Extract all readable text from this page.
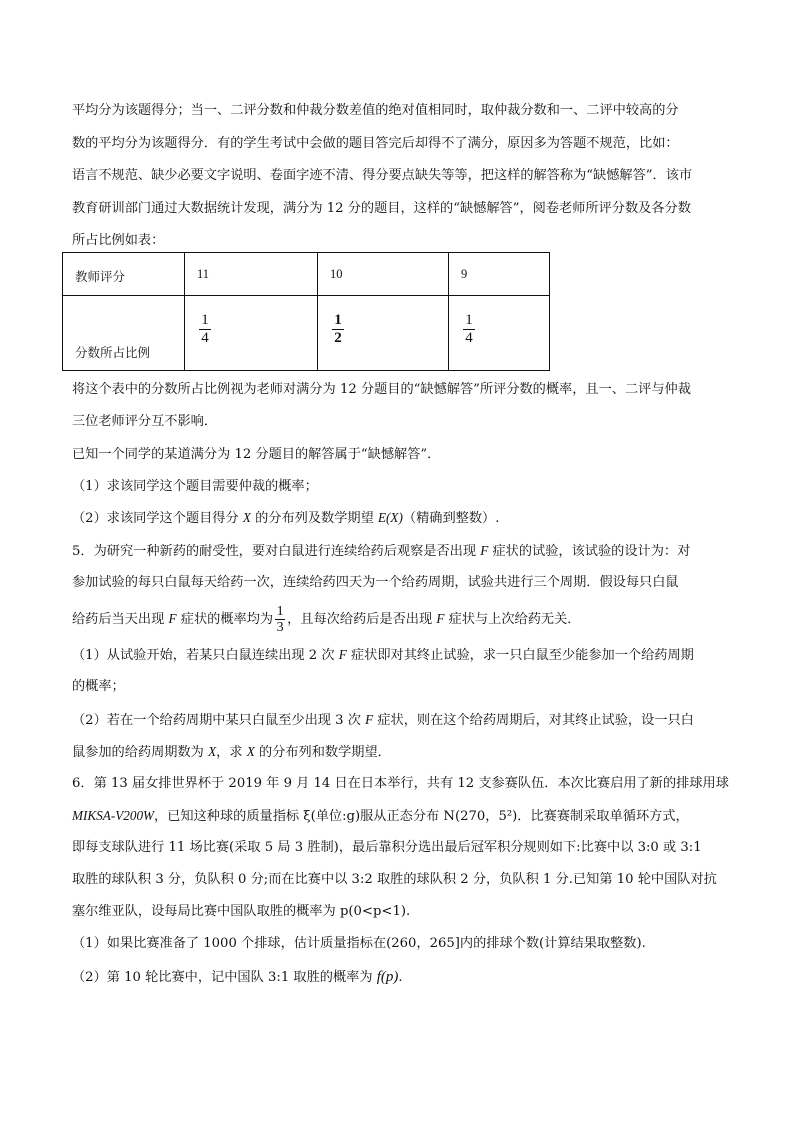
平均分为该题得分；当一、二评分数和仲裁分数差值的绝对值相同时，取仲裁分数和一、二评中较高的分
数的平均分为该题得分．有的学生考试中会做的题目答完后却得不了满分，原因多为答题不规范，比如：
语言不规范、缺少必要文字说明、卷面字迹不清、得分要点缺失等等，把这样的解答称为“缺憾解答”．该市
教育研训部门通过大数据统计发现，满分为 12 分的题目，这样的“缺憾解答”，阅卷老师所评分数及各分数
所占比例如表：
教师评分	11	10	9

分数所占比例	$\frac{1}{4}$	$\frac{1}{2}$	$\frac{1}{4}$
将这个表中的分数所占比例视为老师对满分为 12 分题目的“缺憾解答”所评分数的概率，且一、二评与仲裁
三位老师评分互不影响．
已知一个同学的某道满分为 12 分题目的解答属于“缺憾解答”．
（1）求该同学这个题目需要仲裁的概率；
（2）求该同学这个题目得分 X 的分布列及数学期望 E(X)（精确到整数）.
5．为研究一种新药的耐受性，要对白鼠进行连续给药后观察是否出现 F 症状的试验，该试验的设计为：对
参加试验的每只白鼠每天给药一次，连续给药四天为一个给药周期，试验共进行三个周期．假设每只白鼠
给药后当天出现 F 症状的概率均为 $\frac{1}{3}$ ，且每次给药后是否出现 F 症状与上次给药无关．
（1）从试验开始，若某只白鼠连续出现 2 次 F 症状即对其终止试验，求一只白鼠至少能参加一个给药周期
的概率；
（2）若在一个给药周期中某只白鼠至少出现 3 次 F 症状，则在这个给药周期后，对其终止试验，设一只白
鼠参加的给药周期数为 X，求 X 的分布列和数学期望．
6．第 13 届女排世界杯于 2019 年 9 月 14 日在日本举行，共有 12 支参赛队伍．本次比赛启用了新的排球用球
MIKSA-V200W，已知这种球的质量指标 ξ(单位:g)服从正态分布 N(270，5²)．比赛赛制采取单循环方式，
即每支球队进行 11 场比赛(采取 5 局 3 胜制)，最后靠积分选出最后冠军积分规则如下:比赛中以 3:0 或 3:1
取胜的球队积 3 分，负队积 0 分;而在比赛中以 3:2 取胜的球队积 2 分，负队积 1 分.已知第 10 轮中国队对抗
塞尔维亚队，设每局比赛中国队取胜的概率为 p(0<p<1).
（1）如果比赛准备了 1000 个排球，估计质量指标在(260，265]内的排球个数(计算结果取整数).
（2）第 10 轮比赛中，记中国队 3:1 取胜的概率为 f(p).
